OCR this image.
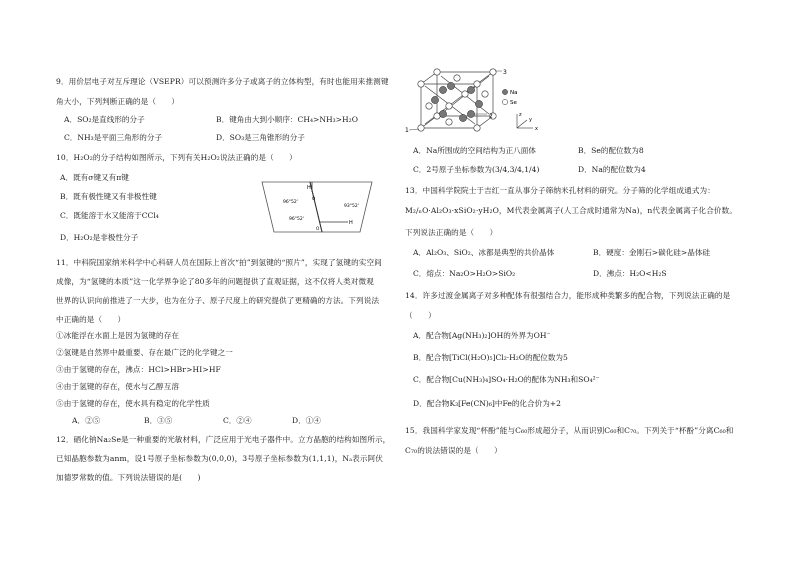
9．用价层电子对互斥理论（VSEPR）可以预测许多分子或离子的立体构型，有时也能用来推测键
角大小，下列判断正确的是（　　）
A．SO₂是直线形的分子	B．键角由大到小顺序：CH₄>NH₃>H₂O
C．NH₃是平面三角形的分子	D．SO₃是三角锥形的分子
10．H₂O₂的分子结构如图所示，下列有关H₂O₂说法正确的是（　　）
A．既有σ键又有π键
B．既有极性键又有非极性键
C．既能溶于水又能溶于CCl₄
D．H₂O₂是非极性分子
H
H
O
O
96°52'
93°52'
96°52'
11．中科院国家纳米科学中心科研人员在国际上首次“拍”到氢键的“照片”，实现了氢键的实空间
成像，为“氢键的本质”这一化学界争论了80多年的问题提供了直观证据，这不仅将人类对微观
世界的认识向前推进了一大步，也为在分子、原子尺度上的研究提供了更精确的方法。下列说法
中正确的是（　　）
①冰能浮在水面上是因为氢键的存在
②氢键是自然界中最重要、存在最广泛的化学键之一
③由于氢键的存在，沸点：HCl>HBr>HI>HF
④由于氢键的存在，使水与乙醇互溶
⑤由于氢键的存在，使水具有稳定的化学性质
A．②⑤	B．③⑤	C．②④	D．①④
12．硒化钠Na₂Se是一种重要的光敏材料，广泛应用于光电子器件中。立方晶胞的结构如图所示，
已知晶胞参数为anm，设1号原子坐标参数为(0,0,0)，3号原子坐标参数为(1,1,1)，Nₐ表示阿伏
加德罗常数的值。下列说法错误的是(　　)
1
3
2
Na
Se
z
y
x
A．Na所围成的空间结构为正八面体	B．Se的配位数为8
C．2号原子坐标参数为(3/4,3/4,1/4)	D．Na的配位数为4
13．中国科学院院士于吉红一直从事分子筛纳米孔材料的研究。分子筛的化学组成通式为：
M₂/ₙO·Al₂O₃·xSiO₂·yH₂O，M代表金属离子(人工合成时通常为Na)，n代表金属离子化合价数。
下列说法正确的是（　　）
A．Al₂O₃、SiO₂、冰都是典型的共价晶体	B．硬度：金刚石>碳化硅>晶体硅
C．熔点：Na₂O>H₂O>SiO₂	D．沸点：H₂O<H₂S
14．许多过渡金属离子对多种配体有很强结合力，能形成种类繁多的配合物，下列说法正确的是
（　　）
A．配合物[Ag(NH₃)₂]OH的外界为OH⁻
B．配合物[TiCl(H₂O)₅]Cl₂·H₂O的配位数为5
C．配合物[Cu(NH₃)₄]SO₄·H₂O的配体为NH₃和SO₄²⁻
D．配合物K₃[Fe(CN)₆]中Fe的化合价为+2
15．我国科学家发现“杯酚”能与C₆₀形成超分子，从而识别C₆₀和C₇₀。下列关于“杯酚”分离C₆₀和
C₇₀的说法错误的是（　　）
